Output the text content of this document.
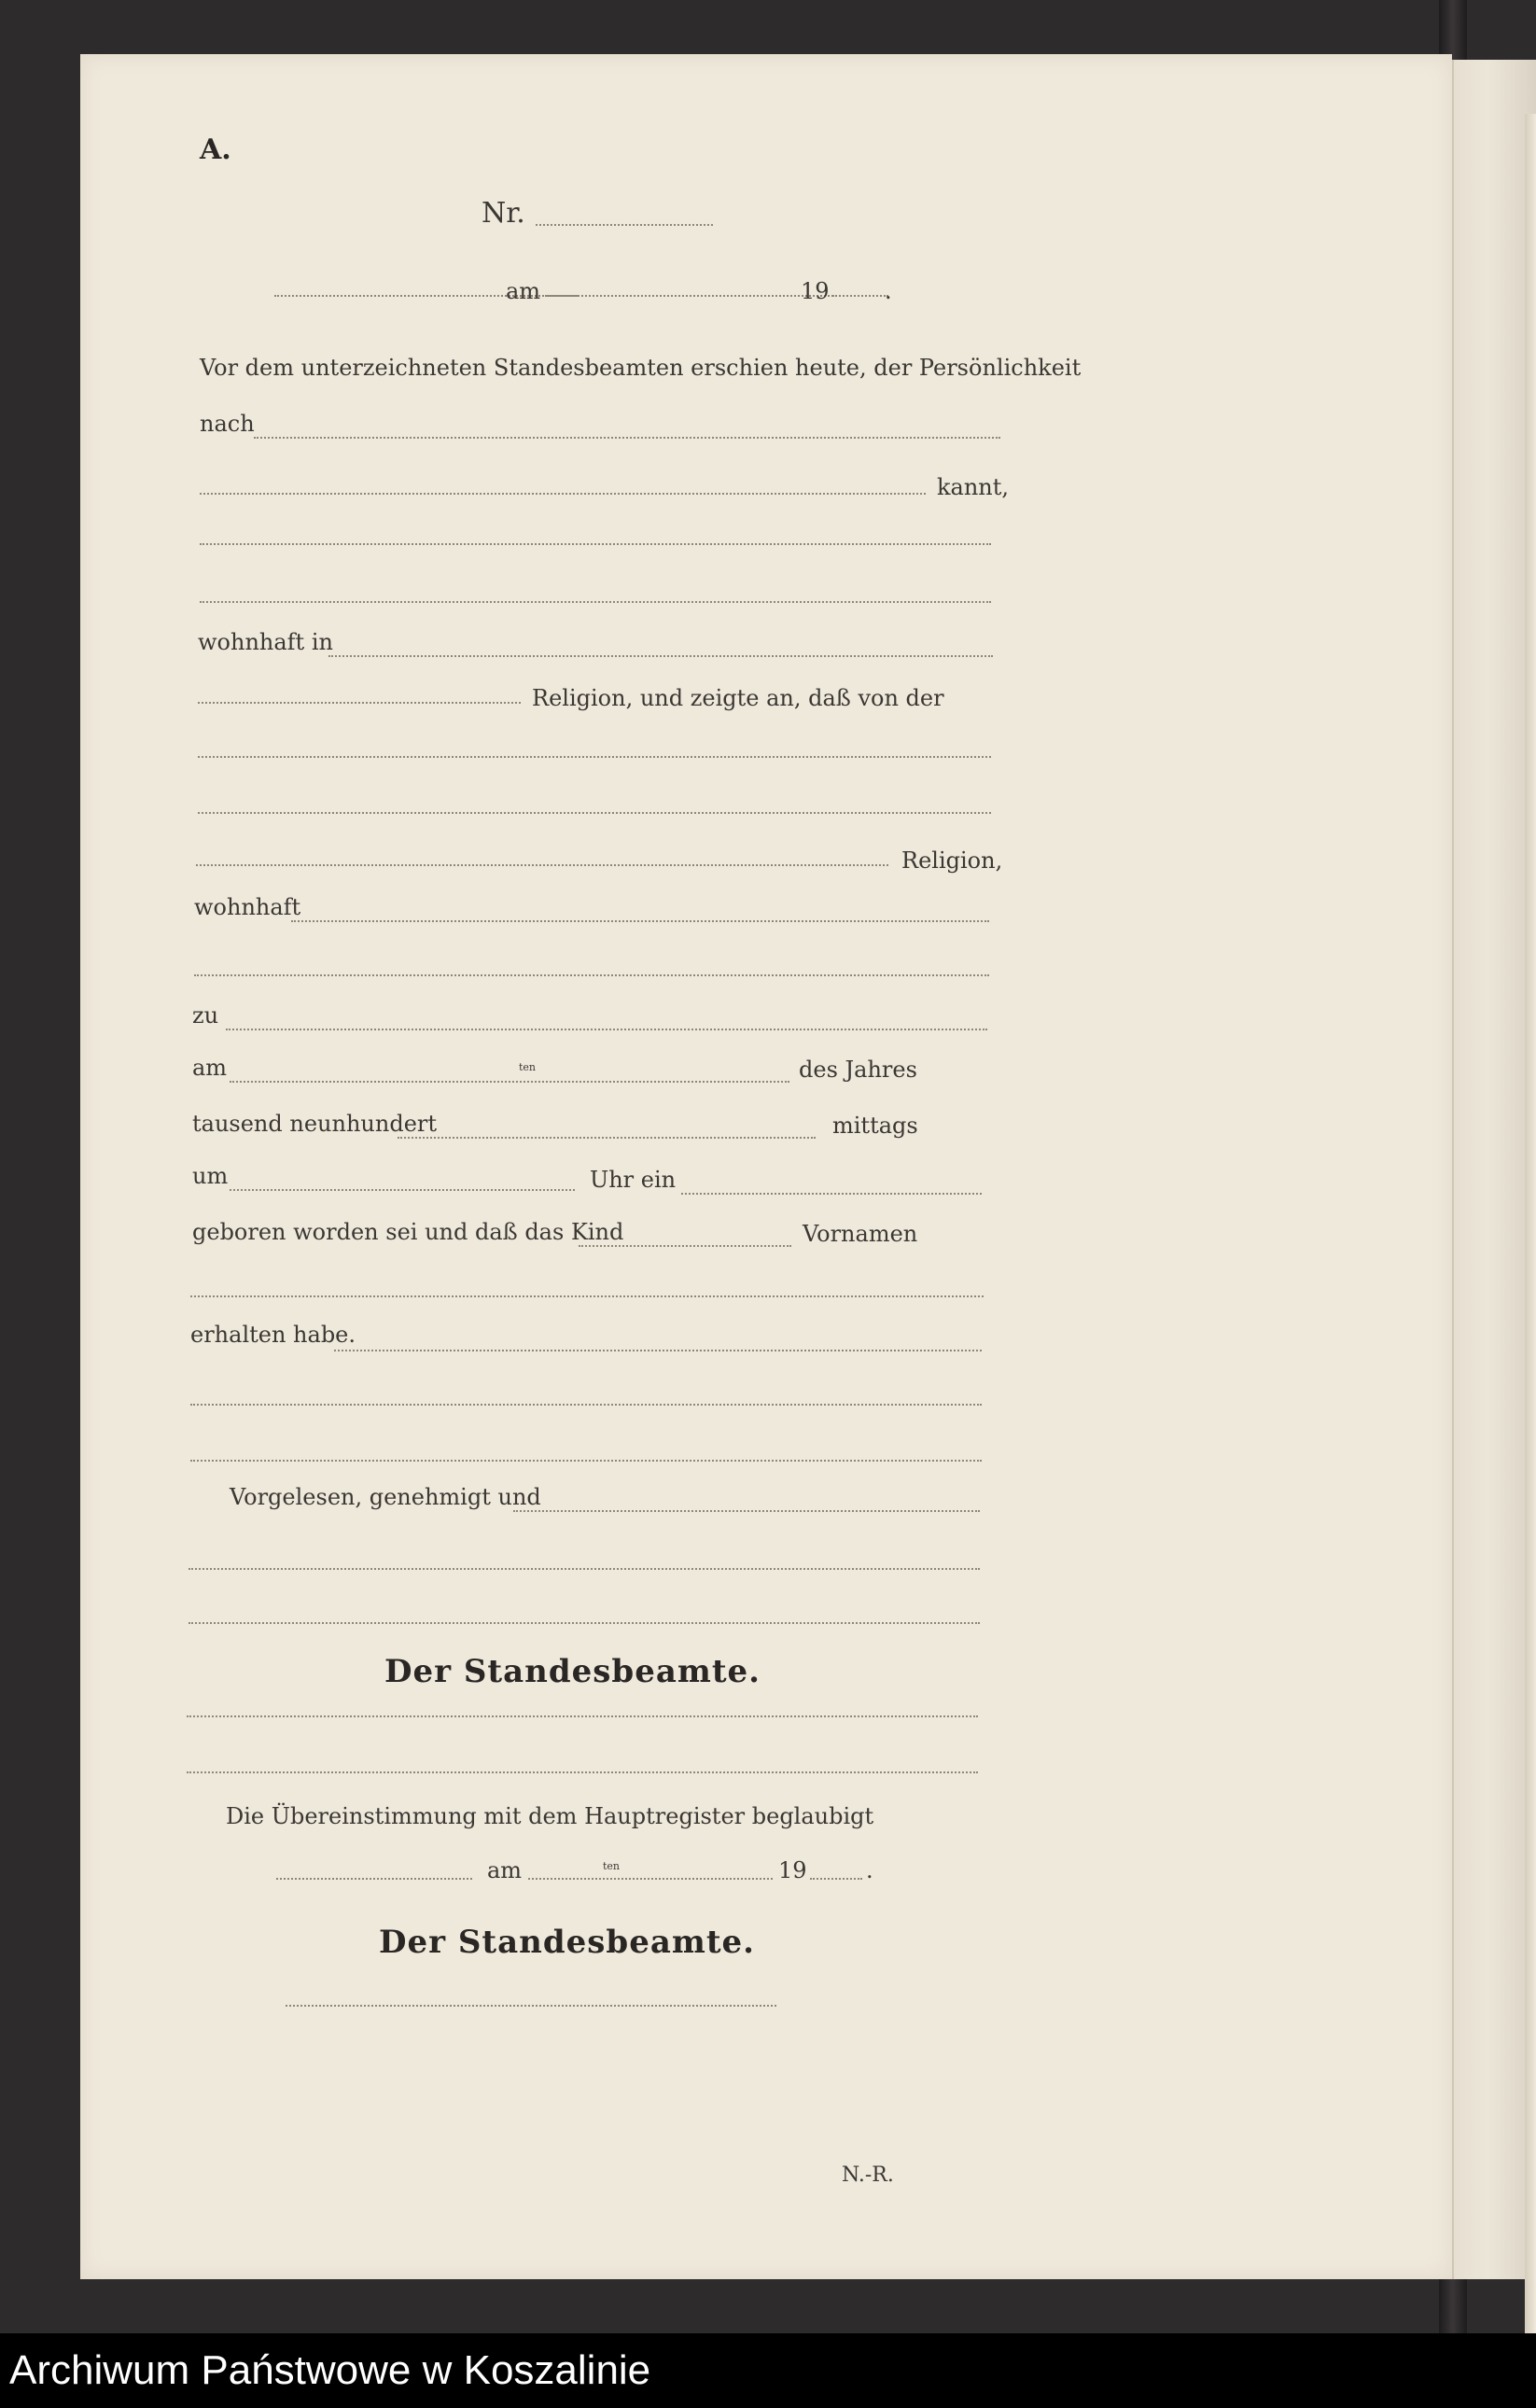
A.
Nr.
am	19 .
Vor dem unterzeichneten Standesbeamten erschien heute, der Persönlichkeit
nach
kannt,
wohnhaft in
Religion, und zeigte an, daß von der
Religion,
wohnhaft
zu
am	ten	des Jahres
tausend neunhundert	mittags
um	Uhr ein
geboren worden sei und daß das Kind	Vornamen
erhalten habe.
Vorgelesen, genehmigt und
Der Standesbeamte.
Die Übereinstimmung mit dem Hauptregister beglaubigt
am	ten	19	.
Der Standesbeamte.
N.-R.
Archiwum Państwowe w Koszalinie
